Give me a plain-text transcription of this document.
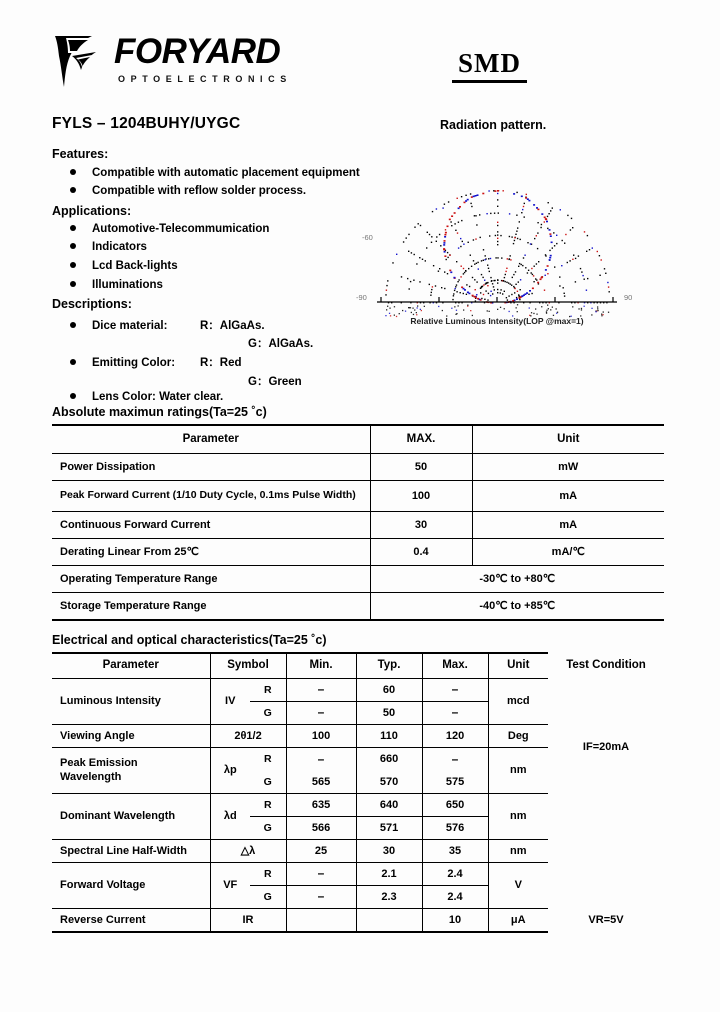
FORYARD
OPTOELECTRONICS
SMD
FYLS – 1204BUHY/UYGC	Radiation pattern.
Features:
Compatible with automatic placement equipment
Compatible with reflow solder process.
Applications:
Automotive-Telecommumication
Indicators
Lcd Back-lights
Illuminations
Descriptions:
Dice material:	R：AlGaAs.
G：AlGaAs.
Emitting Color: R：Red
G：Green
Lens Color: Water clear.
-90
-60
90
Relative Luminous Intensity(LOP @max=1)
Absolute maximun ratings(Ta=25 ˚c)
Parameter	MAX.	Unit
Power Dissipation	50	mW
Peak Forward Current (1/10 Duty Cycle, 0.1ms Pulse Width)	100	mA
Continuous Forward Current	30	mA
Derating Linear From 25℃	0.4	mA/℃
Operating Temperature Range	-30℃ to +80℃	
Storage Temperature Range	-40℃ to +85℃	
Electrical and optical characteristics(Ta=25 ˚c)
Parameter	Symbol		Min.	Typ.	Max.	Unit	Test Condition
Luminous Intensity	IV	R	–	60	–	mcd	IF=20mA
		G	–	50	–		
Viewing Angle	2θ1/2		100	110	120	Deg	
Peak Emission	λp	R	–	660	–	nm	
Wavelength		G	565	570	575		
Dominant Wavelength	λd	R	635	640	650	nm	
		G	566	571	576		
Spectral Line Half-Width	△λ		25	30	35	nm	
Forward Voltage	VF	R	–	2.1	2.4	V	
		G	–	2.3	2.4		
Reverse Current	IR				10	μA	VR=5V
